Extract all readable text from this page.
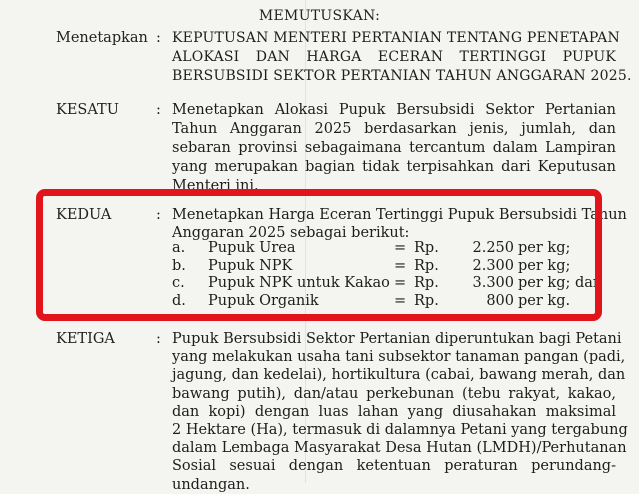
MEMUTUSKAN:
Menetapkan : KEPUTUSAN MENTERI PERTANIAN TENTANG PENETAPAN
ALOKASI DAN HARGA ECERAN TERTINGGI PUPUK
BERSUBSIDI SEKTOR PERTANIAN TAHUN ANGGARAN 2025.
KESATU	: Menetapkan Alokasi Pupuk Bersubsidi Sektor Pertanian
Tahun Anggaran 2025 berdasarkan jenis, jumlah, dan
sebaran provinsi sebagaimana tercantum dalam Lampiran
yang merupakan bagian tidak terpisahkan dari Keputusan
Menteri ini.
KEDUA	: Menetapkan Harga Eceran Tertinggi Pupuk Bersubsidi Tahun
Anggaran 2025 sebagai berikut:
a. Pupuk Urea	= Rp.	2.250 per kg;
b. Pupuk NPK	= Rp.	2.300 per kg;
c. Pupuk NPK untuk Kakao = Rp.	3.300 per kg; dan
d. Pupuk Organik	= Rp.	800 per kg.
KETIGA	: Pupuk Bersubsidi Sektor Pertanian diperuntukan bagi Petani
yang melakukan usaha tani subsektor tanaman pangan (padi,
jagung, dan kedelai), hortikultura (cabai, bawang merah, dan
bawang putih), dan/atau perkebunan (tebu rakyat, kakao,
dan kopi) dengan luas lahan yang diusahakan maksimal
2 Hektare (Ha), termasuk di dalamnya Petani yang tergabung
dalam Lembaga Masyarakat Desa Hutan (LMDH)/Perhutanan
Sosial sesuai dengan ketentuan peraturan perundang-
undangan.
